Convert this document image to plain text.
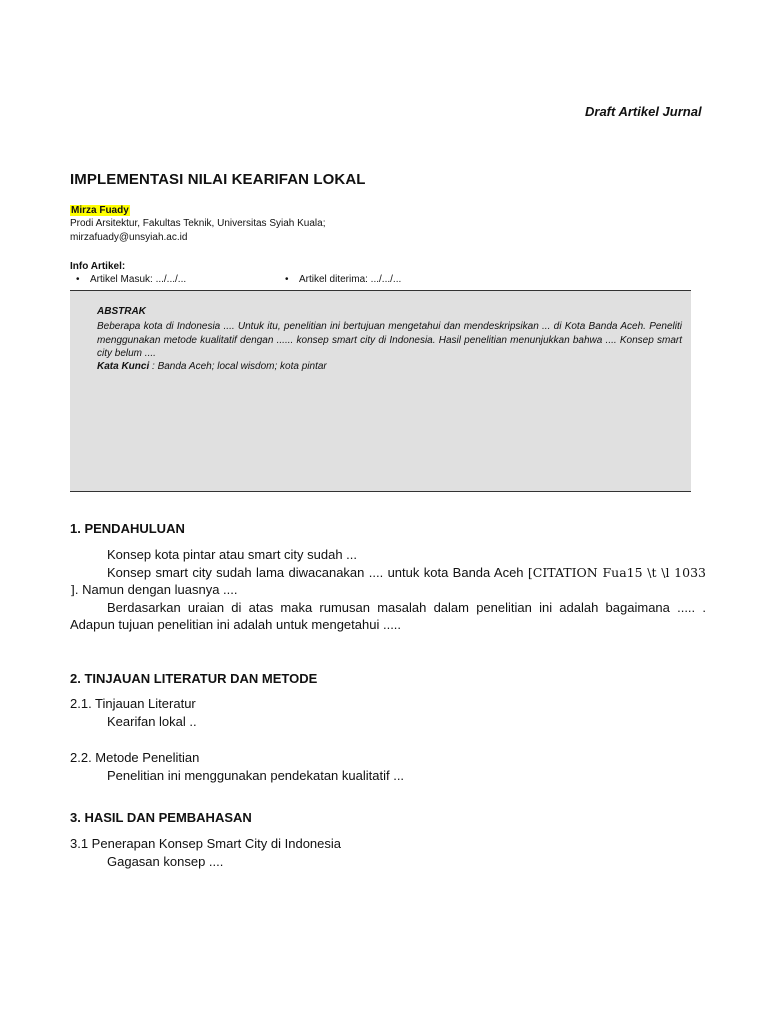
Draft Artikel Jurnal
IMPLEMENTASI NILAI KEARIFAN LOKAL
Mirza Fuady
Prodi Arsitektur, Fakultas Teknik, Universitas Syiah Kuala;
mirzafuady@unsyiah.ac.id
Info Artikel:
• Artikel Masuk: .../.../...	• Artikel diterima: .../.../...
ABSTRAK
Beberapa kota di Indonesia .... Untuk itu, penelitian ini bertujuan mengetahui dan mendeskripsikan ... di Kota Banda Aceh. Peneliti menggunakan metode kualitatif dengan ...... konsep smart city di Indonesia. Hasil penelitian menunjukkan bahwa .... Konsep smart city belum ....
Kata Kunci : Banda Aceh; local wisdom; kota pintar
1. PENDAHULUAN
Konsep kota pintar atau smart city sudah ...
Konsep smart city sudah lama diwacanakan .... untuk kota Banda Aceh [CITATION Fua15 \t \l 1033 ]. Namun dengan luasnya ....
Berdasarkan uraian di atas maka rumusan masalah dalam penelitian ini adalah bagaimana ..... . Adapun tujuan penelitian ini adalah untuk mengetahui .....
2. TINJAUAN LITERATUR DAN METODE
2.1. Tinjauan Literatur
Kearifan lokal ..
2.2. Metode Penelitian
Penelitian ini menggunakan pendekatan kualitatif ...
3. HASIL DAN PEMBAHASAN
3.1 Penerapan Konsep Smart City di Indonesia
Gagasan konsep ....
